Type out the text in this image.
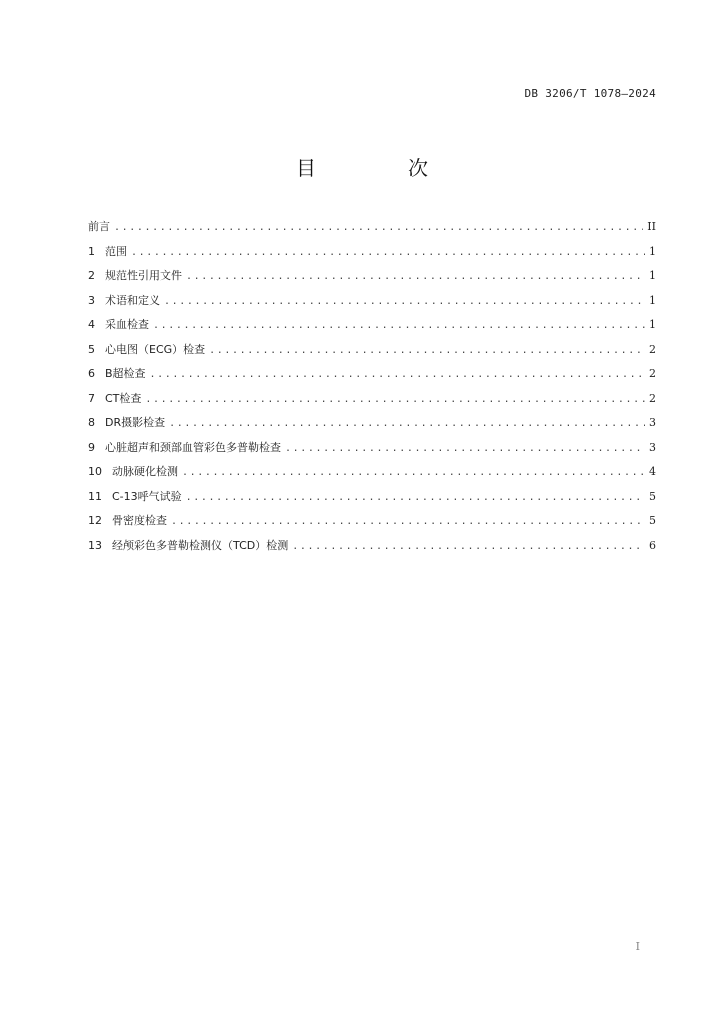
DB 3206/T 1078—2024
目　次
前言 .....	II
1 范围 .....	1
2 规范性引用文件 .....	1
3 术语和定义 .....	1
4 采血检查 .....	1
5 心电图（ECG）检查 .....	2
6 B超检查 .....	2
7 CT检查 .....	2
8 DR摄影检查 .....	3
9 心脏超声和颈部血管彩色多普勒检查 .....	3
10 动脉硬化检测 .....	4
11 C-13呼气试验 .....	5
12 骨密度检查 .....	5
13 经颅彩色多普勒检测仪（TCD）检测 .....	6
I
